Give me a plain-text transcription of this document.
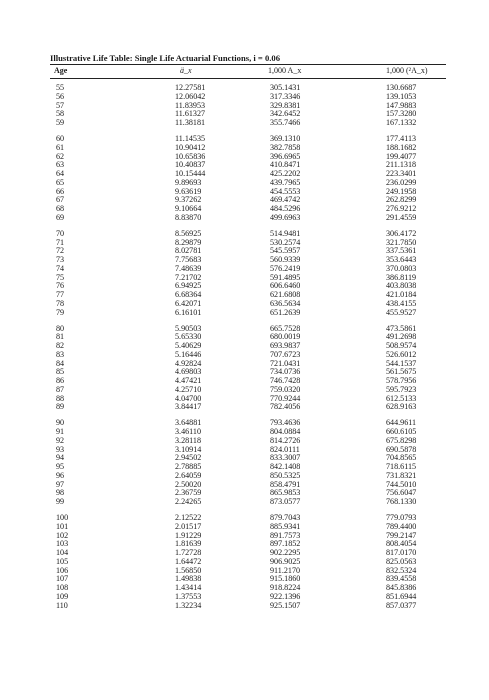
Illustrative Life Table: Single Life Actuarial Functions, i = 0.06
Age	ä_x	1,000 A_x	1,000 (²A_x)
55	12.27581	305.1431	130.6687
56	12.06042	317.3346	139.1053
57	11.83953	329.8381	147.9883
58	11.61327	342.6452	157.3280
59	11.38181	355.7466	167.1332
60	11.14535	369.1310	177.4113
61	10.90412	382.7858	188.1682
62	10.65836	396.6965	199.4077
63	10.40837	410.8471	211.1318
64	10.15444	425.2202	223.3401
65	9.89693	439.7965	236.0299
66	9.63619	454.5553	249.1958
67	9.37262	469.4742	262.8299
68	9.10664	484.5296	276.9212
69	8.83870	499.6963	291.4559
70	8.56925	514.9481	306.4172
71	8.29879	530.2574	321.7850
72	8.02781	545.5957	337.5361
73	7.75683	560.9339	353.6443
74	7.48639	576.2419	370.0803
75	7.21702	591.4895	386.8119
76	6.94925	606.6460	403.8038
77	6.68364	621.6808	421.0184
78	6.42071	636.5634	438.4155
79	6.16101	651.2639	455.9527
80	5.90503	665.7528	473.5861
81	5.65330	680.0019	491.2698
82	5.40629	693.9837	508.9574
83	5.16446	707.6723	526.6012
84	4.92824	721.0431	544.1537
85	4.69803	734.0736	561.5675
86	4.47421	746.7428	578.7956
87	4.25710	759.0320	595.7923
88	4.04700	770.9244	612.5133
89	3.84417	782.4056	628.9163
90	3.64881	793.4636	644.9611
91	3.46110	804.0884	660.6105
92	3.28118	814.2726	675.8298
93	3.10914	824.0111	690.5878
94	2.94502	833.3007	704.8565
95	2.78885	842.1408	718.6115
96	2.64059	850.5325	731.8321
97	2.50020	858.4791	744.5010
98	2.36759	865.9853	756.6047
99	2.24265	873.0577	768.1330
100	2.12522	879.7043	779.0793
101	2.01517	885.9341	789.4400
102	1.91229	891.7573	799.2147
103	1.81639	897.1852	808.4054
104	1.72728	902.2295	817.0170
105	1.64472	906.9025	825.0563
106	1.56850	911.2170	832.5324
107	1.49838	915.1860	839.4558
108	1.43414	918.8224	845.8386
109	1.37553	922.1396	851.6944
110	1.32234	925.1507	857.0377
